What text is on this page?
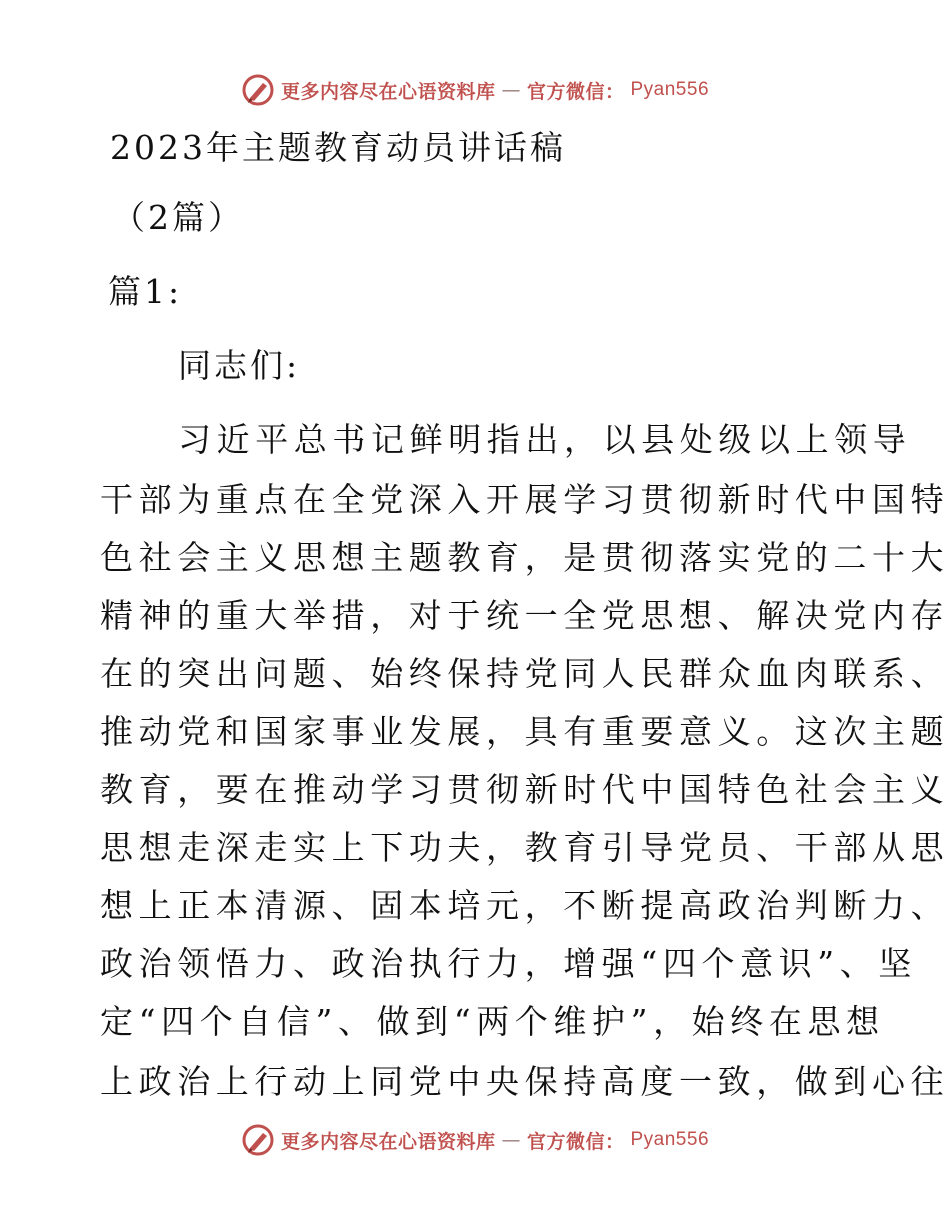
更多内容尽在心语资料库 — 官方微信： Pyan556
2023年主题教育动员讲话稿
（2篇）
篇1:
同志们:
习近平总书记鲜明指出，以县处级以上领导
干部为重点在全党深入开展学习贯彻新时代中国特
色社会主义思想主题教育，是贯彻落实党的二十大
精神的重大举措，对于统一全党思想、解决党内存
在的突出问题、始终保持党同人民群众血肉联系、
推动党和国家事业发展，具有重要意义。这次主题
教育，要在推动学习贯彻新时代中国特色社会主义
思想走深走实上下功夫，教育引导党员、干部从思
想上正本清源、固本培元，不断提高政治判断力、
政治领悟力、政治执行力，增强“四个意识”、坚
定“四个自信”、做到“两个维护”，始终在思想
上政治上行动上同党中央保持高度一致，做到心往
更多内容尽在心语资料库 — 官方微信： Pyan556
